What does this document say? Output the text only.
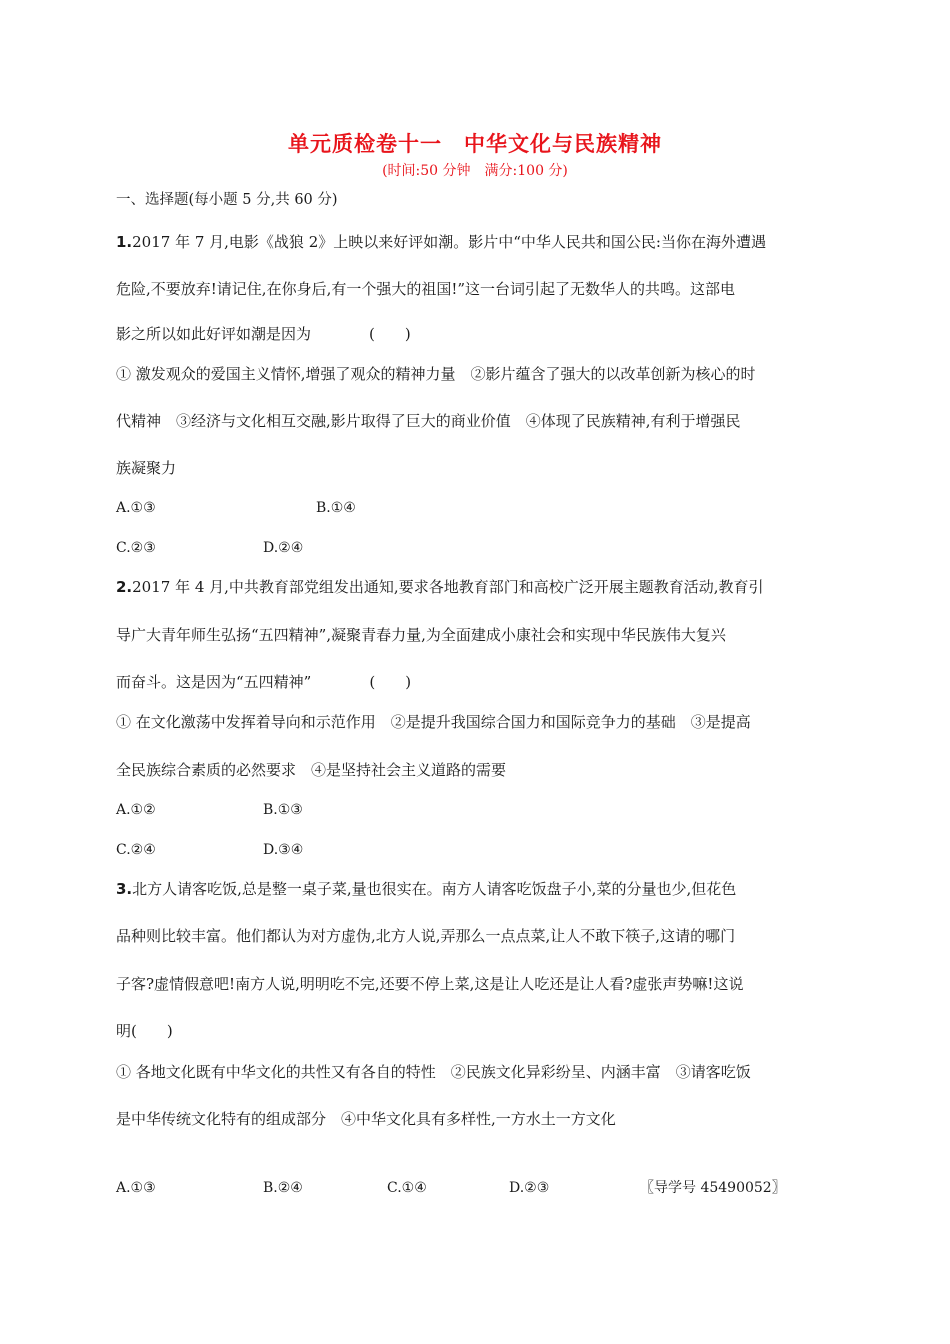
单元质检卷十一　中华文化与民族精神
(时间:50 分钟　满分:100 分)
一、选择题(每小题 5 分,共 60 分)
1.2017 年 7 月,电影《战狼 2》上映以来好评如潮。影片中“中华人民共和国公民:当你在海外遭遇
危险,不要放弃!请记住,在你身后,有一个强大的祖国!”这一台词引起了无数华人的共鸣。这部电
影之所以如此好评如潮是因为	(　　)
① 激发观众的爱国主义情怀,增强了观众的精神力量　②影片蕴含了强大的以改革创新为核心的时
代精神　③经济与文化相互交融,影片取得了巨大的商业价值　④体现了民族精神,有利于增强民
族凝聚力
A.①③	B.①④
C.②③	D.②④
2.2017 年 4 月,中共教育部党组发出通知,要求各地教育部门和高校广泛开展主题教育活动,教育引
导广大青年师生弘扬“五四精神”,凝聚青春力量,为全面建成小康社会和实现中华民族伟大复兴
而奋斗。这是因为“五四精神”	(　　)
① 在文化激荡中发挥着导向和示范作用　②是提升我国综合国力和国际竞争力的基础　③是提高
全民族综合素质的必然要求　④是坚持社会主义道路的需要
A.①②	B.①③
C.②④	D.③④
3.北方人请客吃饭,总是整一桌子菜,量也很实在。南方人请客吃饭盘子小,菜的分量也少,但花色
品种则比较丰富。他们都认为对方虚伪,北方人说,弄那么一点点菜,让人不敢下筷子,这请的哪门
子客?虚情假意吧!南方人说,明明吃不完,还要不停上菜,这是让人吃还是让人看?虚张声势嘛!这说
明(　　)
① 各地文化既有中华文化的共性又有各自的特性　②民族文化异彩纷呈、内涵丰富　③请客吃饭
是中华传统文化特有的组成部分　④中华文化具有多样性,一方水土一方文化
A.①③	B.②④	C.①④	D.②③	〖导学号 45490052〗
